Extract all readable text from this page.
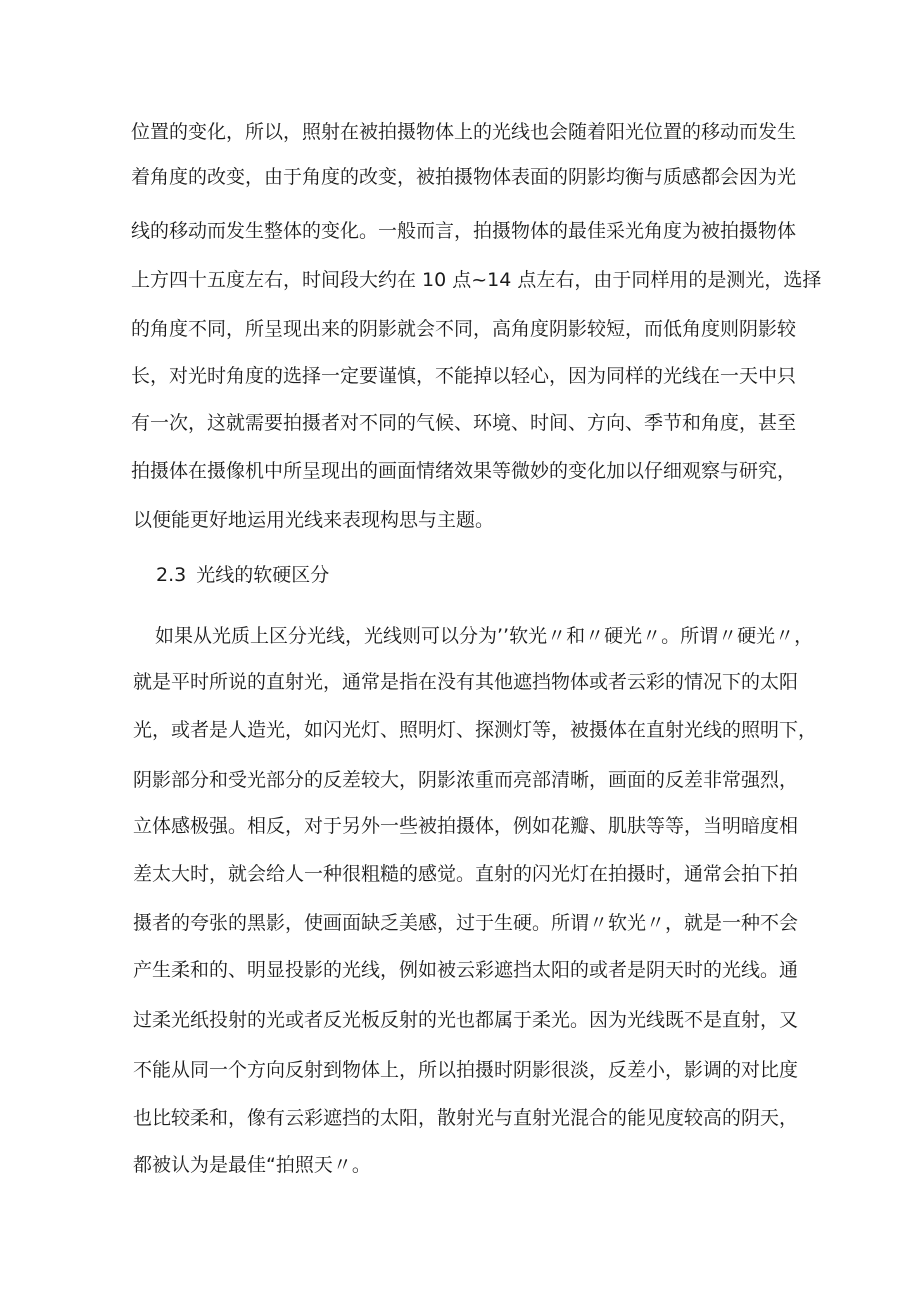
位置的变化，所以，照射在被拍摄物体上的光线也会随着阳光位置的移动而发生
着角度的改变，由于角度的改变，被拍摄物体表面的阴影均衡与质感都会因为光
线的移动而发生整体的变化。一般而言，拍摄物体的最佳采光角度为被拍摄物体
上方四十五度左右，时间段大约在 10 点~14 点左右，由于同样用的是测光，选择
的角度不同，所呈现出来的阴影就会不同，高角度阴影较短，而低角度则阴影较
长，对光时角度的选择一定要谨慎，不能掉以轻心，因为同样的光线在一天中只
有一次，这就需要拍摄者对不同的气候、环境、时间、方向、季节和角度，甚至
拍摄体在摄像机中所呈现出的画面情绪效果等微妙的变化加以仔细观察与研究，
以便能更好地运用光线来表现构思与主题。
2.3 光线的软硬区分
如果从光质上区分光线，光线则可以分为’’软光〃和〃硬光〃。所谓〃硬光〃，
就是平时所说的直射光，通常是指在没有其他遮挡物体或者云彩的情况下的太阳
光，或者是人造光，如闪光灯、照明灯、探测灯等，被摄体在直射光线的照明下，
阴影部分和受光部分的反差较大，阴影浓重而亮部清晰，画面的反差非常强烈，
立体感极强。相反，对于另外一些被拍摄体，例如花瓣、肌肤等等，当明暗度相
差太大时，就会给人一种很粗糙的感觉。直射的闪光灯在拍摄时，通常会拍下拍
摄者的夸张的黑影，使画面缺乏美感，过于生硬。所谓〃软光〃，就是一种不会
产生柔和的、明显投影的光线，例如被云彩遮挡太阳的或者是阴天时的光线。通
过柔光纸投射的光或者反光板反射的光也都属于柔光。因为光线既不是直射，又
不能从同一个方向反射到物体上，所以拍摄时阴影很淡，反差小，影调的对比度
也比较柔和，像有云彩遮挡的太阳，散射光与直射光混合的能见度较高的阴天，
都被认为是最佳“拍照天〃。
